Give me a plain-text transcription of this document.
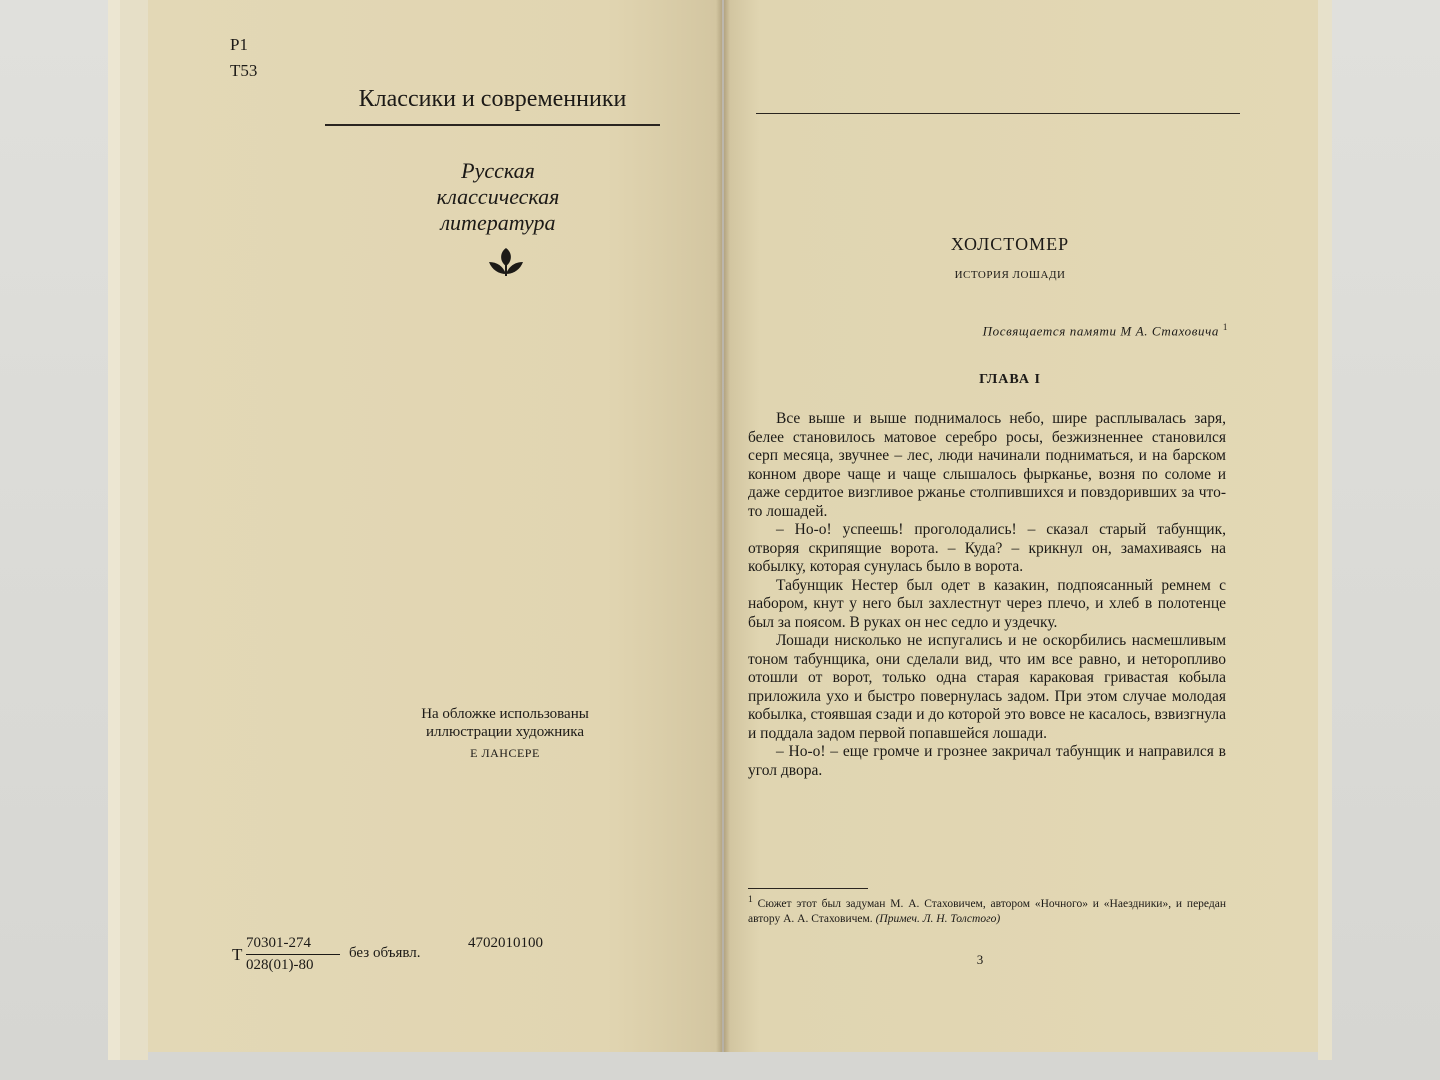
Р1
Т53
Классики и современники
Русская
классическая
литература
На обложке использованы
иллюстрации художника
Е ЛАНСЕРЕ
Т
70301-274
028(01)-80
без объявл.
4702010100
ХОЛСТОМЕР
ИСТОРИЯ ЛОШАДИ
Посвящается памяти М А. Стаховича $^1$
ГЛАВА I

Все выше и выше поднималось небо, шире расплывалась заря, белее становилось матовое серебро росы, безжизненнее становился серп месяца, звучнее – лес, люди начинали подниматься, и на барском конном дворе чаще и чаще слышалось фырканье, возня по соломе и даже сердитое визгливое ржанье столпившихся и повздоривших за что-то лошадей.

– Но-о! успеешь! проголодались! – сказал старый табунщик, отворяя скрипящие ворота. – Куда? – крикнул он, замахиваясь на кобылку, которая сунулась было в ворота.

Табунщик Нестер был одет в казакин, подпоясанный ремнем с набором, кнут у него был захлестнут через плечо, и хлеб в полотенце был за поясом. В руках он нес седло и уздечку.

Лошади нисколько не испугались и не оскорбились насмешливым тоном табунщика, они сделали вид, что им все равно, и неторопливо отошли от ворот, только одна старая караковая гривастая кобыла приложила ухо и быстро повернулась задом. При этом случае молодая кобылка, стоявшая сзади и до которой это вовсе не касалось, взвизгнула и поддала задом первой попавшейся лошади.

– Но-о! – еще громче и грознее закричал табунщик и направился в угол двора.

$^1$ Сюжет этот был задуман М. А. Стаховичем, автором «Ночного» и «Наездники», и передан автору А. А. Стаховичем. (Примеч. Л. Н. Толстого)
3
